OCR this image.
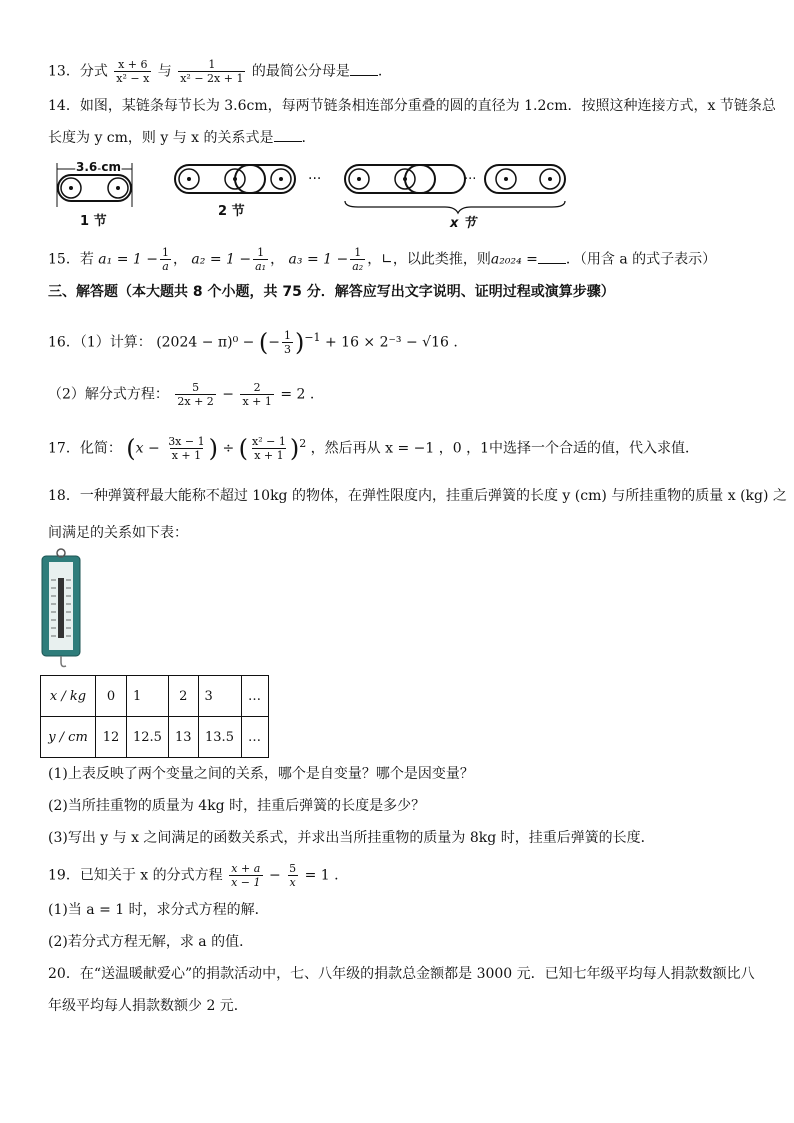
13．分式 $\frac{x + 6}{\text{x² − x}}$ 与 $\frac{1}{\text{x² − 2x + 1}}$ 的最简公分母是 .
14．如图，某链条每节长为 3.6cm，每两节链条相连部分重叠的圆的直径为 1.2cm．按照这种连接方式，x 节链条总
长度为 y cm，则 y 与 x 的关系式是 .
3.6 cm
1 节
2 节
···	···
x 节
15．若 $a_1 = 1 - \frac{1}{a}$ ， $a_2 = 1 - \frac{1}{\text{a₁}}$ ， $a_3 = 1 - \frac{1}{\text{a₂}}$ ，∟，以此类推，则a₂₀₂₄ = ．（用含 a 的式子表示）
三、解答题（本大题共 8 个小题，共 75 分．解答应写出文字说明、证明过程或演算步骤）
16．（1）计算： (2024 − π)⁰ − (− $\frac{1}{3} )^{-1} + 16 \times 2^{-3} - √16$ .
（2）解分式方程： $\frac{5}{2x + 2} - \frac{2}{x + 1} = 2$ .
17．化简： ($x - \frac{3x - 1}{x + 1}$ ) ÷ ( $\frac{\text{x² − 1}}{x + 1} )^2$ ，然后再从 x = −1 ，0 ，1中选择一个合适的值，代入求值．
18．一种弹簧秤最大能称不超过 10kg 的物体，在弹性限度内，挂重后弹簧的长度 y (cm) 与所挂重物的质量 x (kg) 之
间满足的关系如下表：
x / kg	0	1	2	3	…
y / cm	12	12.5	13	13.5	…
(1)上表反映了两个变量之间的关系，哪个是自变量？哪个是因变量？
(2)当所挂重物的质量为 4kg 时，挂重后弹簧的长度是多少？
(3)写出 y 与 x 之间满足的函数关系式，并求出当所挂重物的质量为 8kg 时，挂重后弹簧的长度．
19．已知关于 x 的分式方程 $\frac{x + a}{x - 1} - \frac{5}{x} = 1$ .
(1)当 a = 1 时，求分式方程的解．
(2)若分式方程无解，求 a 的值．
20．在“送温暖献爱心”的捐款活动中，七、八年级的捐款总金额都是 3000 元．已知七年级平均每人捐款数额比八
年级平均每人捐款数额少 2 元．
